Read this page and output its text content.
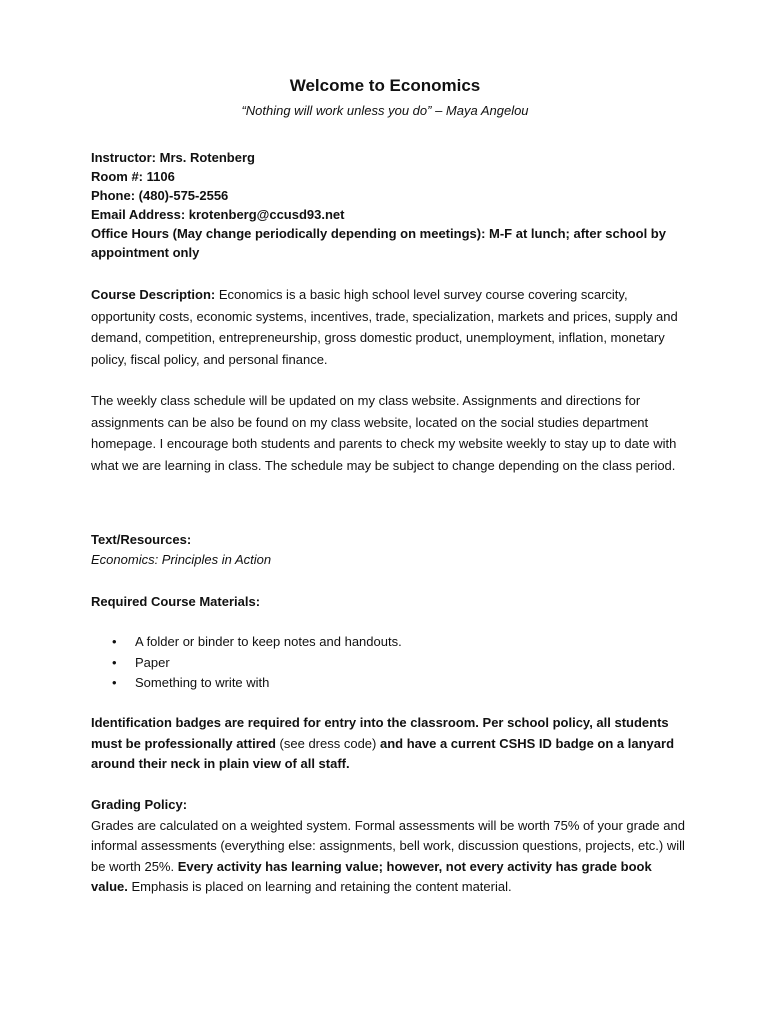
Welcome to Economics
“Nothing will work unless you do” – Maya Angelou
Instructor: Mrs. Rotenberg
Room #: 1106
Phone: (480)-575-2556
Email Address: krotenberg@ccusd93.net
Office Hours (May change periodically depending on meetings): M-F at lunch; after school by appointment only
Course Description: Economics is a basic high school level survey course covering scarcity, opportunity costs, economic systems, incentives, trade, specialization, markets and prices, supply and demand, competition, entrepreneurship, gross domestic product, unemployment, inflation, monetary policy, fiscal policy, and personal finance.
The weekly class schedule will be updated on my class website. Assignments and directions for assignments can be also be found on my class website, located on the social studies department homepage. I encourage both students and parents to check my website weekly to stay up to date with what we are learning in class. The schedule may be subject to change depending on the class period.
Text/Resources:
Economics: Principles in Action
Required Course Materials:
• A folder or binder to keep notes and handouts.
• Paper
• Something to write with
Identification badges are required for entry into the classroom. Per school policy, all students must be professionally attired (see dress code) and have a current CSHS ID badge on a lanyard around their neck in plain view of all staff.
Grading Policy:
Grades are calculated on a weighted system. Formal assessments will be worth 75% of your grade and informal assessments (everything else: assignments, bell work, discussion questions, projects, etc.) will be worth 25%. Every activity has learning value; however, not every activity has grade book value. Emphasis is placed on learning and retaining the content material.
